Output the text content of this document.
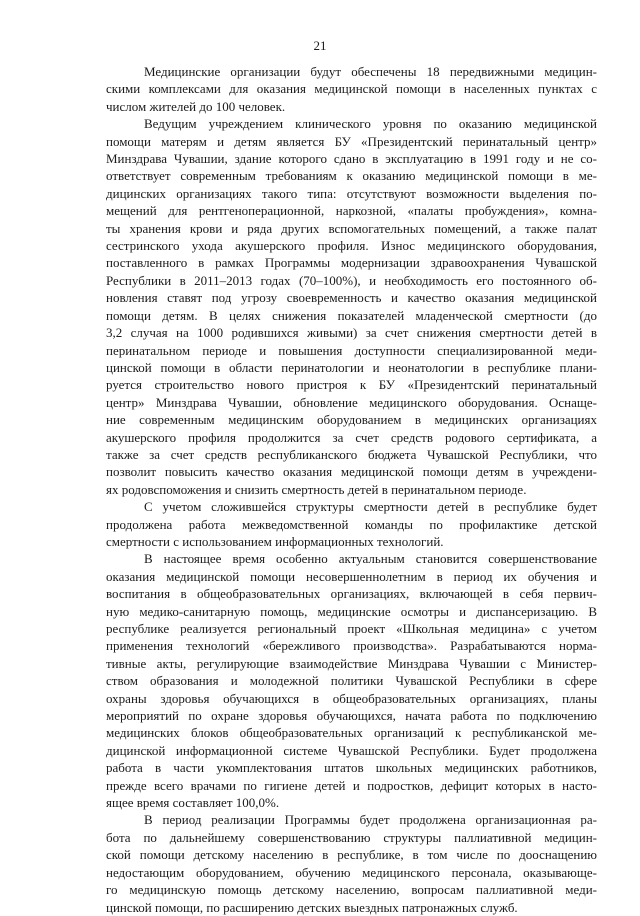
21
Медицинские организации будут обеспечены 18 передвижными медицин-
скими комплексами для оказания медицинской помощи в населенных пунктах с
числом жителей до 100 человек.
Ведущим учреждением клинического уровня по оказанию медицинской
помощи матерям и детям является БУ «Президентский перинатальный центр»
Минздрава Чувашии, здание которого сдано в эксплуатацию в 1991 году и не со-
ответствует современным требованиям к оказанию медицинской помощи в ме-
дицинских организациях такого типа: отсутствуют возможности выделения по-
мещений для рентгеноперационной, наркозной, «палаты пробуждения», комна-
ты хранения крови и ряда других вспомогательных помещений, а также палат
сестринского ухода акушерского профиля. Износ медицинского оборудования,
поставленного в рамках Программы модернизации здравоохранения Чувашской
Республики в 2011–2013 годах (70–100%), и необходимость его постоянного об-
новления ставят под угрозу своевременность и качество оказания медицинской
помощи детям. В целях снижения показателей младенческой смертности (до
3,2 случая на 1000 родившихся живыми) за счет снижения смертности детей в
перинатальном периоде и повышения доступности специализированной меди-
цинской помощи в области перинатологии и неонатологии в республике плани-
руется строительство нового пристроя к БУ «Президентский перинатальный
центр» Минздрава Чувашии, обновление медицинского оборудования. Оснаще-
ние современным медицинским оборудованием в медицинских организациях
акушерского профиля продолжится за счет средств родового сертификата, а
также за счет средств республиканского бюджета Чувашской Республики, что
позволит повысить качество оказания медицинской помощи детям в учреждени-
ях родовспоможения и снизить смертность детей в перинатальном периоде.
С учетом сложившейся структуры смертности детей в республике будет
продолжена работа межведомственной команды по профилактике детской
смертности с использованием информационных технологий.
В настоящее время особенно актуальным становится совершенствование
оказания медицинской помощи несовершеннолетним в период их обучения и
воспитания в общеобразовательных организациях, включающей в себя первич-
ную медико-санитарную помощь, медицинские осмотры и диспансеризацию. В
республике реализуется региональный проект «Школьная медицина» с учетом
применения технологий «бережливого производства». Разрабатываются норма-
тивные акты, регулирующие взаимодействие Минздрава Чувашии с Министер-
ством образования и молодежной политики Чувашской Республики в сфере
охраны здоровья обучающихся в общеобразовательных организациях, планы
мероприятий по охране здоровья обучающихся, начата работа по подключению
медицинских блоков общеобразовательных организаций к республиканской ме-
дицинской информационной системе Чувашской Республики. Будет продолжена
работа в части укомплектования штатов школьных медицинских работников,
прежде всего врачами по гигиене детей и подростков, дефицит которых в насто-
ящее время составляет 100,0%.
В период реализации Программы будет продолжена организационная ра-
бота по дальнейшему совершенствованию структуры паллиативной медицин-
ской помощи детскому населению в республике, в том числе по дооснащению
недостающим оборудованием, обучению медицинского персонала, оказывающе-
го медицинскую помощь детскому населению, вопросам паллиативной меди-
цинской помощи, по расширению детских выездных патронажных служб.
